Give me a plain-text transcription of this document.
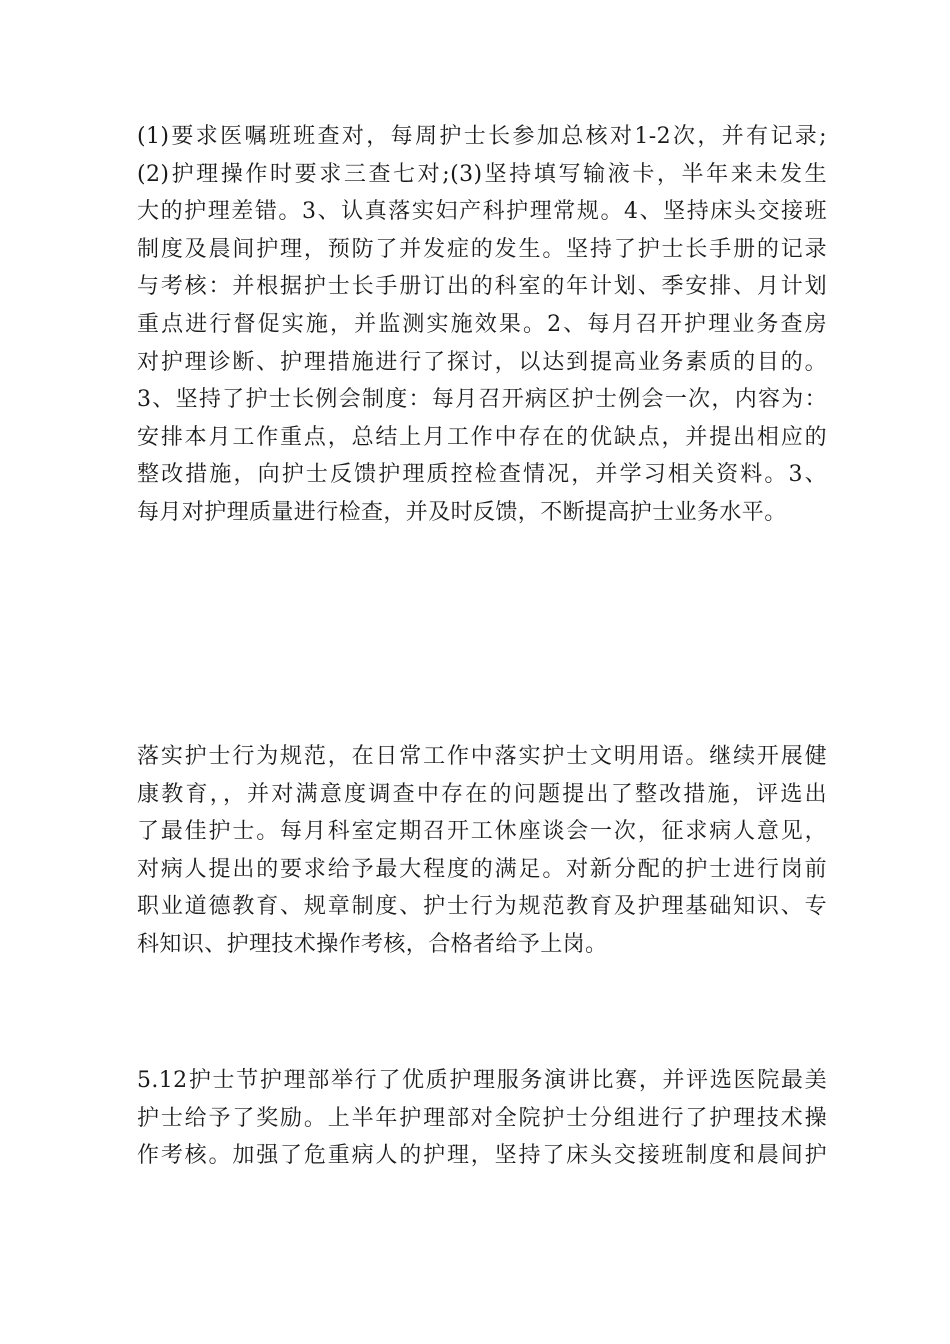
(1)要求医嘱班班查对，每周护士长参加总核对1-2次，并有记录;
(2)护理操作时要求三查七对;(3)坚持填写输液卡，半年来未发生
大的护理差错。3、认真落实妇产科护理常规。4、坚持床头交接班
制度及晨间护理，预防了并发症的发生。坚持了护士长手册的记录
与考核：并根据护士长手册订出的科室的年计划、季安排、月计划
重点进行督促实施，并监测实施效果。2、每月召开护理业务查房
对护理诊断、护理措施进行了探讨，以达到提高业务素质的目的。
3、坚持了护士长例会制度：每月召开病区护士例会一次，内容为：
安排本月工作重点，总结上月工作中存在的优缺点，并提出相应的
整改措施，向护士反馈护理质控检查情况，并学习相关资料。3、
每月对护理质量进行检查，并及时反馈，不断提高护士业务水平。
落实护士行为规范，在日常工作中落实护士文明用语。继续开展健
康教育，，并对满意度调查中存在的问题提出了整改措施，评选出
了最佳护士。每月科室定期召开工休座谈会一次，征求病人意见，
对病人提出的要求给予最大程度的满足。对新分配的护士进行岗前
职业道德教育、规章制度、护士行为规范教育及护理基础知识、专
科知识、护理技术操作考核，合格者给予上岗。
5.12护士节护理部举行了优质护理服务演讲比赛，并评选医院最美
护士给予了奖励。上半年护理部对全院护士分组进行了护理技术操
作考核。加强了危重病人的护理，坚持了床头交接班制度和晨间护
